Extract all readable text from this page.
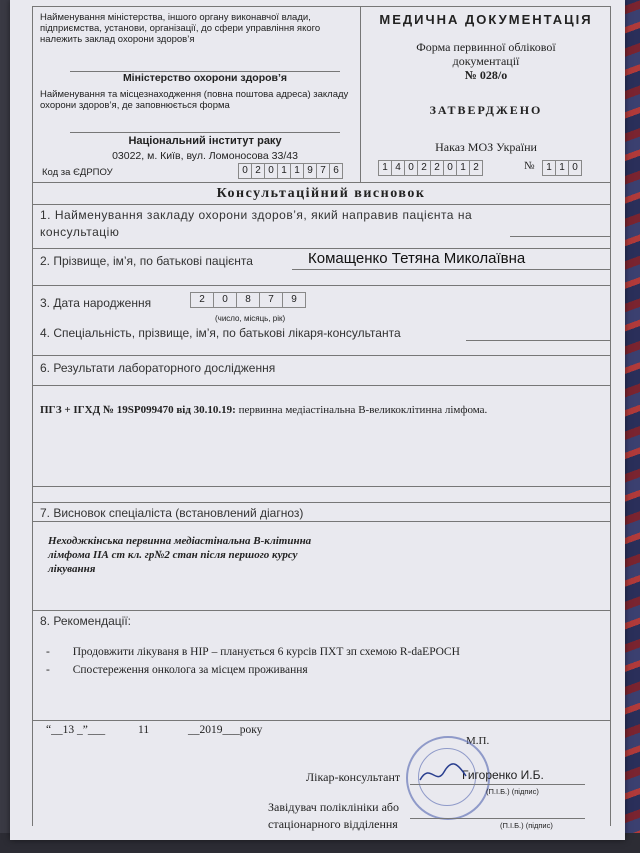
Найменування міністерства, іншого органу виконавчої влади, підприємства, установи, організації, до сфери управління якого належить заклад охорони здоров’я
Міністерство охорони здоров’я
Найменування та місцезнаходження (повна поштова адреса) закладу охорони здоров’я, де заповнюється форма
Національний інститут раку
03022, м. Київ, вул. Ломоносова 33/43
Код за ЄДРПОУ	0 2 0 1 1 9 7 6
МЕДИЧНА ДОКУМЕНТАЦІЯ
Форма первинної облікової
документації
№ 028/о
ЗАТВЕРДЖЕНО
Наказ МОЗ України
1 4 0 2 2 0 1 2	№	1 1 0
Консультаційний висновок
1. Найменування закладу охорони здоров’я, який направив пацієнта на консультацію
2. Прізвище, ім’я, по батькові пацієнта	Комащенко Тетяна Миколаївна
3. Дата народження	2	0	8	7	9
(число, місяць, рік)
4. Спеціальність, прізвище, ім’я, по батькові лікаря-консультанта
6. Результати лабораторного дослідження
ПГЗ + ІГХД № 19SP099470 від 30.10.19: первинна медіастінальна В-великоклітинна лімфома.
7. Висновок спеціаліста (встановлений діагноз)
Неходжкінська первинна медіастінальна В-клітинна
лімфома ІІА ст кл. гр№2 стан після першого курсу
лікування
8. Рекомендації:
- Продовжити лікуваня в НІР – планується 6 курсів ПХТ зп схемою R-daEPOCH
- Спостереження онколога за місцем проживання
“__13 _”___	11	__2019___року
М.П.
Лікар-консультант	Гигоренко И.Б.
(П.І.Б.) (підпис)
Завідувач поліклініки або
стаціонарного відділення	(П.І.Б.) (підпис)
